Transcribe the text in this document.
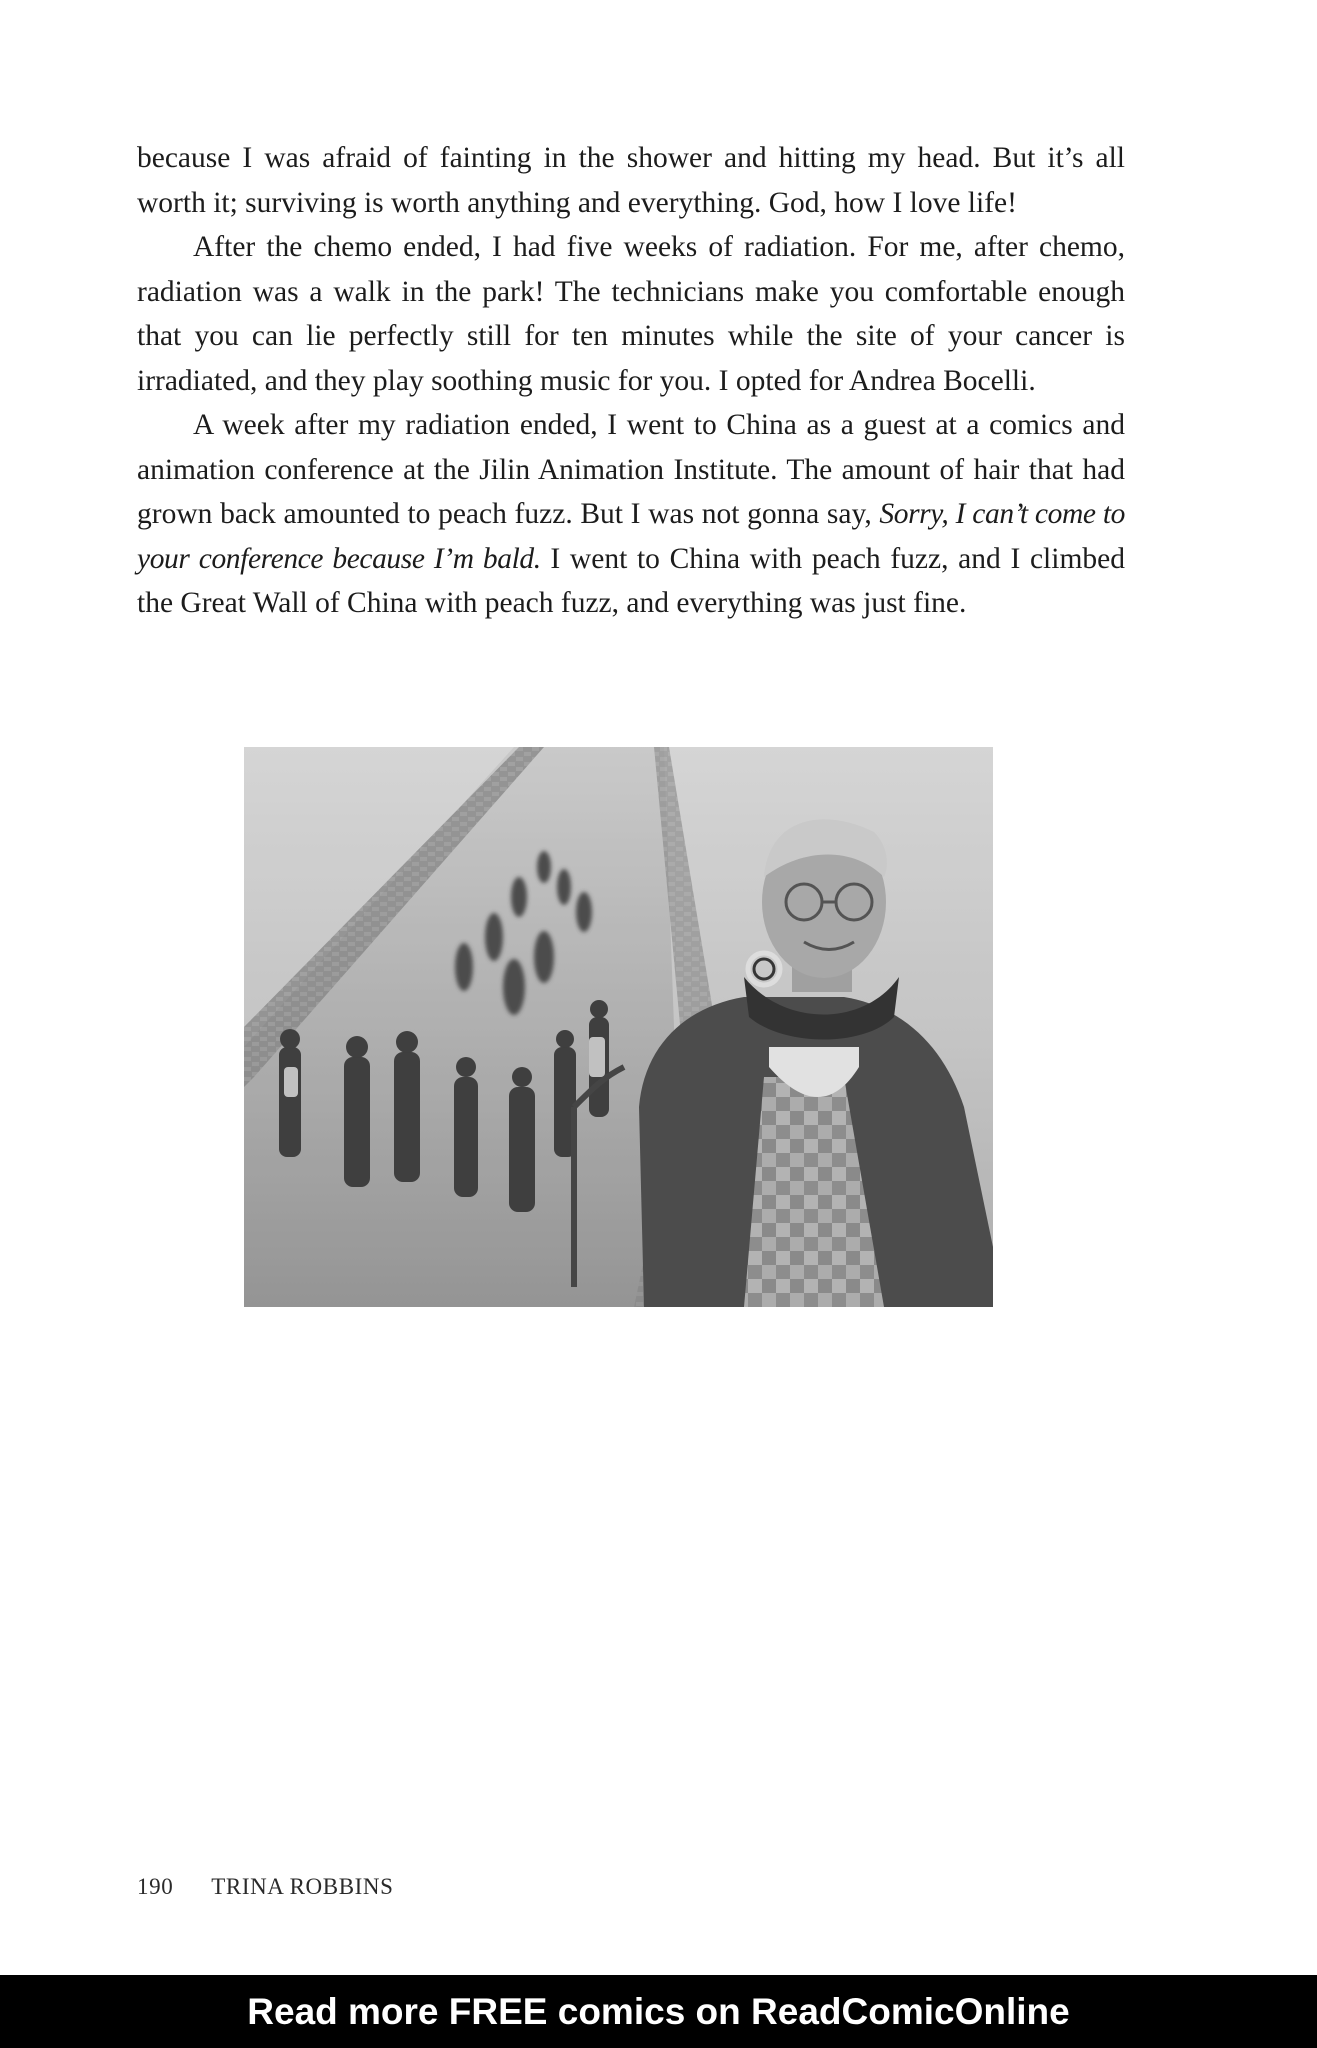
because I was afraid of fainting in the shower and hitting my head. But it’s all worth it; surviving is worth anything and everything. God, how I love life!

After the chemo ended, I had five weeks of radiation. For me, after chemo, radiation was a walk in the park! The technicians make you comfortable enough that you can lie perfectly still for ten minutes while the site of your cancer is irradiated, and they play soothing music for you. I opted for Andrea Bocelli.

A week after my radiation ended, I went to China as a guest at a comics and animation conference at the Jilin Animation Institute. The amount of hair that had grown back amounted to peach fuzz. But I was not gonna say, Sorry, I can’t come to your conference because I’m bald. I went to China with peach fuzz, and I climbed the Great Wall of China with peach fuzz, and everything was just fine.

190 TRINA ROBBINS
Read more FREE comics on ReadComicOnline
